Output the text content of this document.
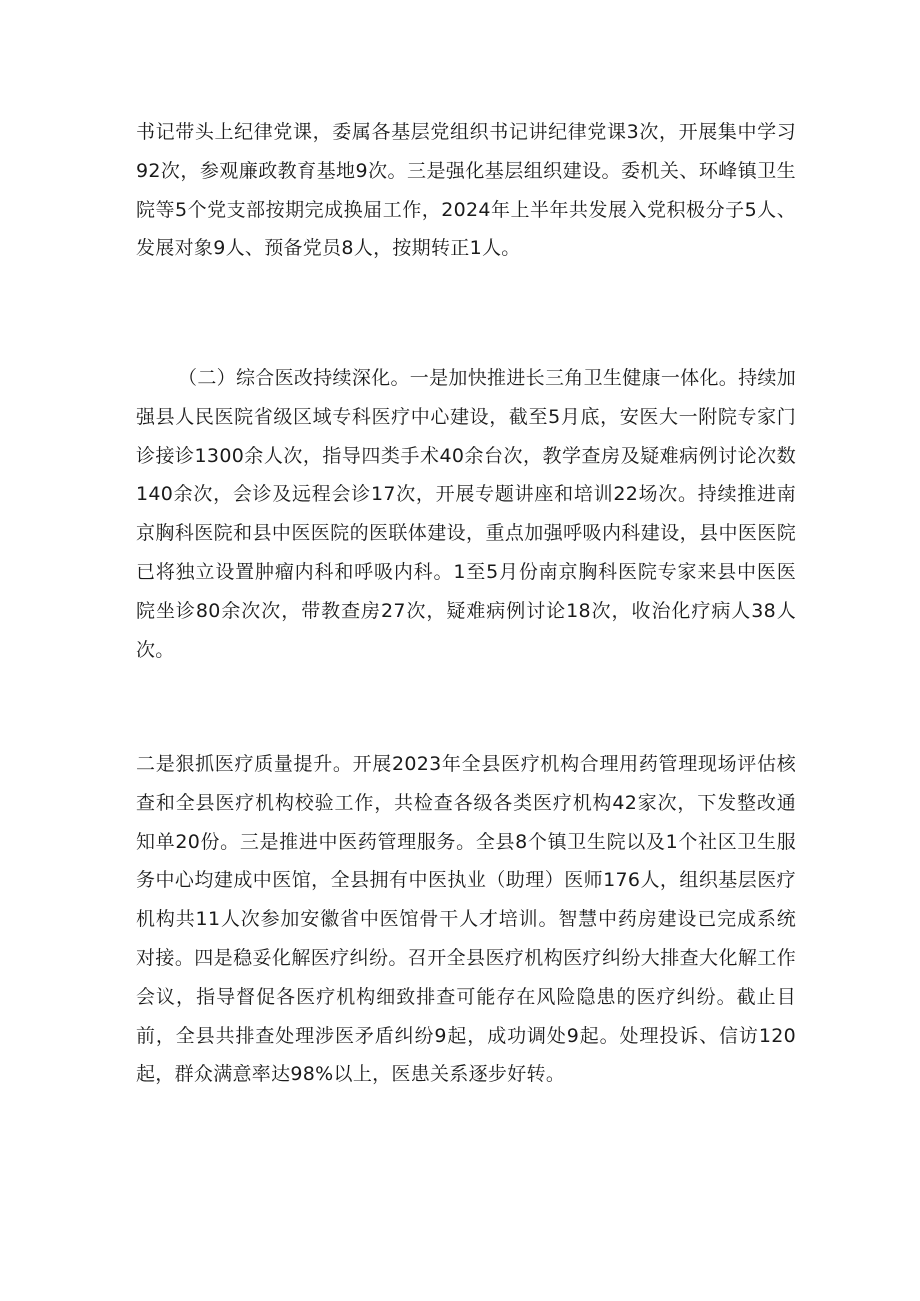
书记带头上纪律党课，委属各基层党组织书记讲纪律党课3次，开展集中学习92次，参观廉政教育基地9次。三是强化基层组织建设。委机关、环峰镇卫生院等5个党支部按期完成换届工作，2024年上半年共发展入党积极分子5人、发展对象9人、预备党员8人，按期转正1人。

（二）综合医改持续深化。一是加快推进长三角卫生健康一体化。持续加强县人民医院省级区域专科医疗中心建设，截至5月底，安医大一附院专家门诊接诊1300余人次，指导四类手术40余台次，教学查房及疑难病例讨论次数140余次，会诊及远程会诊17次，开展专题讲座和培训22场次。持续推进南京胸科医院和县中医医院的医联体建设，重点加强呼吸内科建设，县中医医院已将独立设置肿瘤内科和呼吸内科。1至5月份南京胸科医院专家来县中医医院坐诊80余次次，带教查房27次，疑难病例讨论18次，收治化疗病人38人次。

二是狠抓医疗质量提升。开展2023年全县医疗机构合理用药管理现场评估核查和全县医疗机构校验工作，共检查各级各类医疗机构42家次，下发整改通知单20份。三是推进中医药管理服务。全县8个镇卫生院以及1个社区卫生服务中心均建成中医馆，全县拥有中医执业（助理）医师176人，组织基层医疗机构共11人次参加安徽省中医馆骨干人才培训。智慧中药房建设已完成系统对接。四是稳妥化解医疗纠纷。召开全县医疗机构医疗纠纷大排查大化解工作会议，指导督促各医疗机构细致排查可能存在风险隐患的医疗纠纷。截止目前，全县共排查处理涉医矛盾纠纷9起，成功调处9起。处理投诉、信访120起，群众满意率达98%以上，医患关系逐步好转。
